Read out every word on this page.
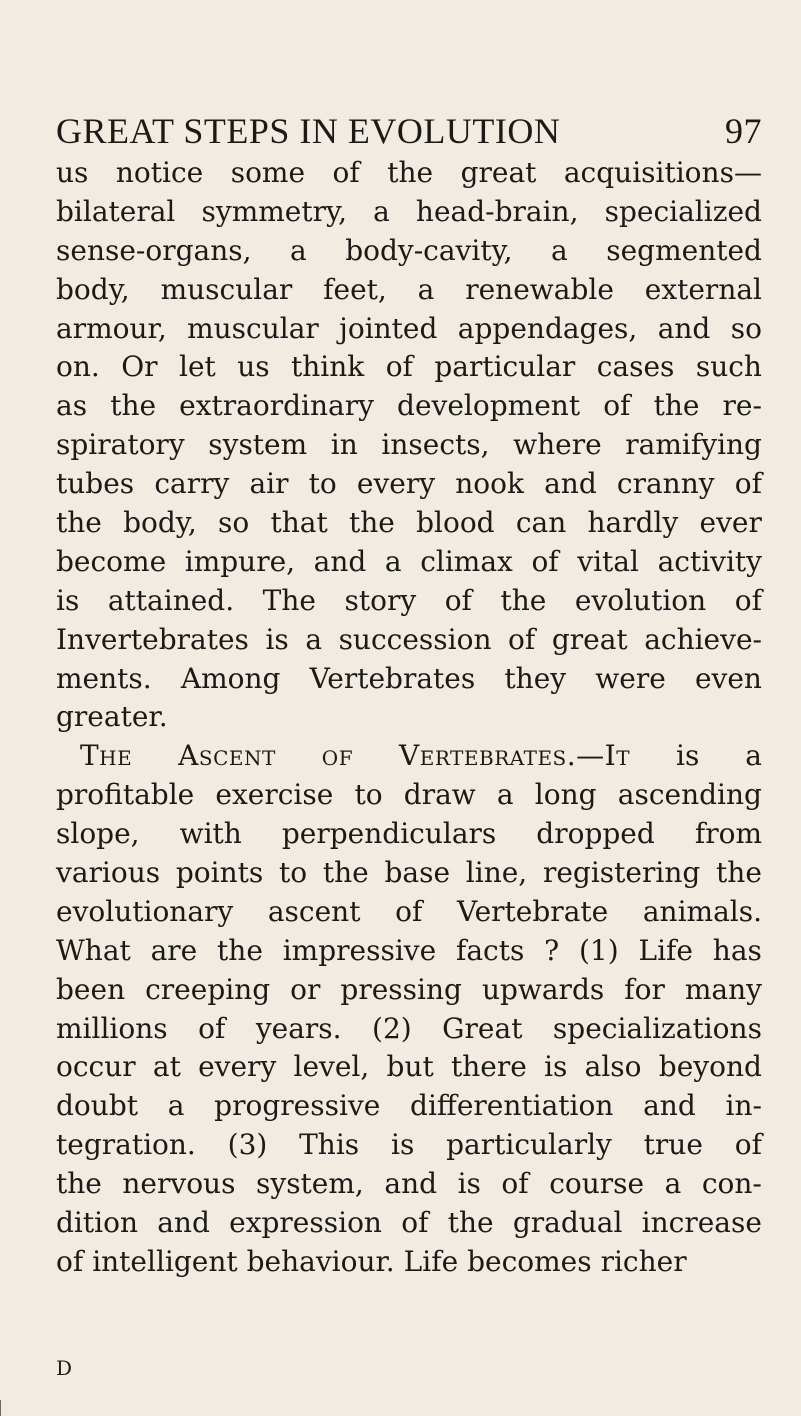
GREAT STEPS IN EVOLUTION	97
us notice some of the great acquisitions—
bilateral symmetry, a head-brain, specialized
sense-organs, a body-cavity, a segmented
body, muscular feet, a renewable external
armour, muscular jointed appendages, and so
on. Or let us think of particular cases such
as the extraordinary development of the re-
spiratory system in insects, where ramifying
tubes carry air to every nook and cranny of
the body, so that the blood can hardly ever
become impure, and a climax of vital activity
is attained. The story of the evolution of
Invertebrates is a succession of great achieve-
ments. Among Vertebrates they were even
greater.
The Ascent of Vertebrates.—It is a
profitable exercise to draw a long ascending
slope, with perpendiculars dropped from
various points to the base line, registering the
evolutionary ascent of Vertebrate animals.
What are the impressive facts ? (1) Life has
been creeping or pressing upwards for many
millions of years. (2) Great specializations
occur at every level, but there is also beyond
doubt a progressive differentiation and in-
tegration. (3) This is particularly true of
the nervous system, and is of course a con-
dition and expression of the gradual increase
of intelligent behaviour. Life becomes richer
D
